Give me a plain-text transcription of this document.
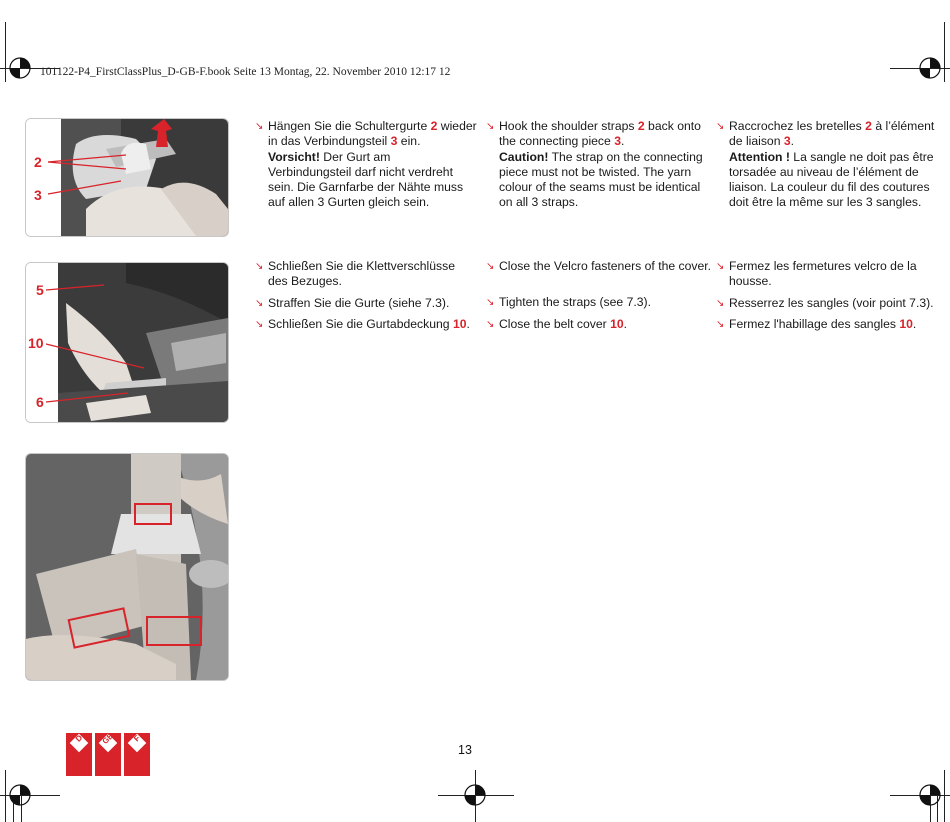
101122-P4_FirstClassPlus_D-GB-F.book Seite 13 Montag, 22. November 2010 12:17 12
2
3
5
10
6
↘ Hängen Sie die Schultergurte 2 wieder in das Verbindungsteil 3 ein.
Vorsicht! Der Gurt am Verbindungsteil darf nicht verdreht sein. Die Garnfarbe der Nähte muss auf allen 3 Gurten gleich sein.
↘ Hook the shoulder straps 2 back onto the connecting piece 3.
Caution! The strap on the connecting piece must not be twisted. The yarn colour of the seams must be identical on all 3 straps.
↘ Raccrochez les bretelles 2 à l’élément de liaison 3.
Attention ! La sangle ne doit pas être torsadée au niveau de l’élément de liaison. La couleur du fil des coutures doit être la même sur les 3 sangles.
↘ Schließen Sie die Klettverschlüsse des Bezuges.
↘ Straffen Sie die Gurte (siehe 7.3).
↘ Schließen Sie die Gurtabdeckung 10.
↘ Close the Velcro fasteners of the cover.
↘ Tighten the straps (see 7.3).
↘ Close the belt cover 10.
↘ Fermez les fermetures velcro de la housse.
↘ Resserrez les sangles (voir point 7.3).
↘ Fermez l'habillage des sangles 10.
13
D	GB	F
